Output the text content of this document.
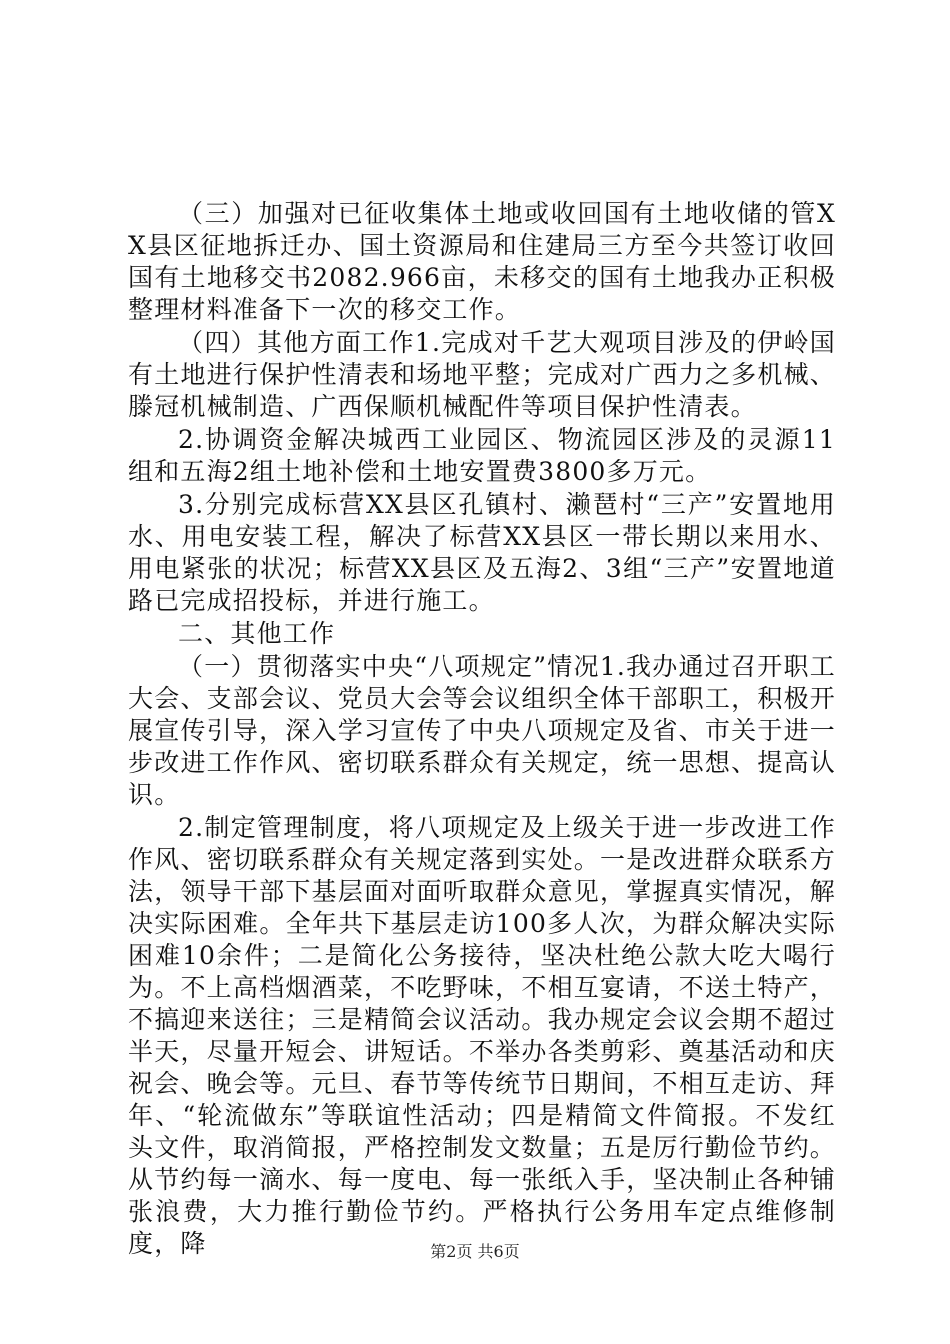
（三）加强对已征收集体土地或收回国有土地收储的管XX县区征地拆迁办、国土资源局和住建局三方至今共签订收回国有土地移交书2082.966亩，未移交的国有土地我办正积极整理材料准备下一次的移交工作。

（四）其他方面工作1.完成对千艺大观项目涉及的伊岭国有土地进行保护性清表和场地平整；完成对广西力之多机械、滕冠机械制造、广西保顺机械配件等项目保护性清表。

2.协调资金解决城西工业园区、物流园区涉及的灵源11组和五海2组土地补偿和土地安置费3800多万元。

3.分别完成标营XX县区孔镇村、濑琶村“三产”安置地用水、用电安装工程，解决了标营XX县区一带长期以来用水、用电紧张的状况；标营XX县区及五海2、3组“三产”安置地道路已完成招投标，并进行施工。

二、其他工作

（一）贯彻落实中央“八项规定”情况1.我办通过召开职工大会、支部会议、党员大会等会议组织全体干部职工，积极开展宣传引导，深入学习宣传了中央八项规定及省、市关于进一步改进工作作风、密切联系群众有关规定，统一思想、提高认识。

2.制定管理制度，将八项规定及上级关于进一步改进工作作风、密切联系群众有关规定落到实处。一是改进群众联系方法，领导干部下基层面对面听取群众意见，掌握真实情况，解决实际困难。全年共下基层走访100多人次，为群众解决实际困难10余件；二是简化公务接待，坚决杜绝公款大吃大喝行为。不上高档烟酒菜，不吃野味，不相互宴请，不送土特产，不搞迎来送往；三是精简会议活动。我办规定会议会期不超过半天，尽量开短会、讲短话。不举办各类剪彩、奠基活动和庆祝会、晚会等。元旦、春节等传统节日期间，不相互走访、拜年、“轮流做东”等联谊性活动；四是精简文件简报。不发红头文件，取消简报，严格控制发文数量；五是厉行勤俭节约。从节约每一滴水、每一度电、每一张纸入手，坚决制止各种铺张浪费，大力推行勤俭节约。严格执行公务用车定点维修制度，降	第2页 共6页
